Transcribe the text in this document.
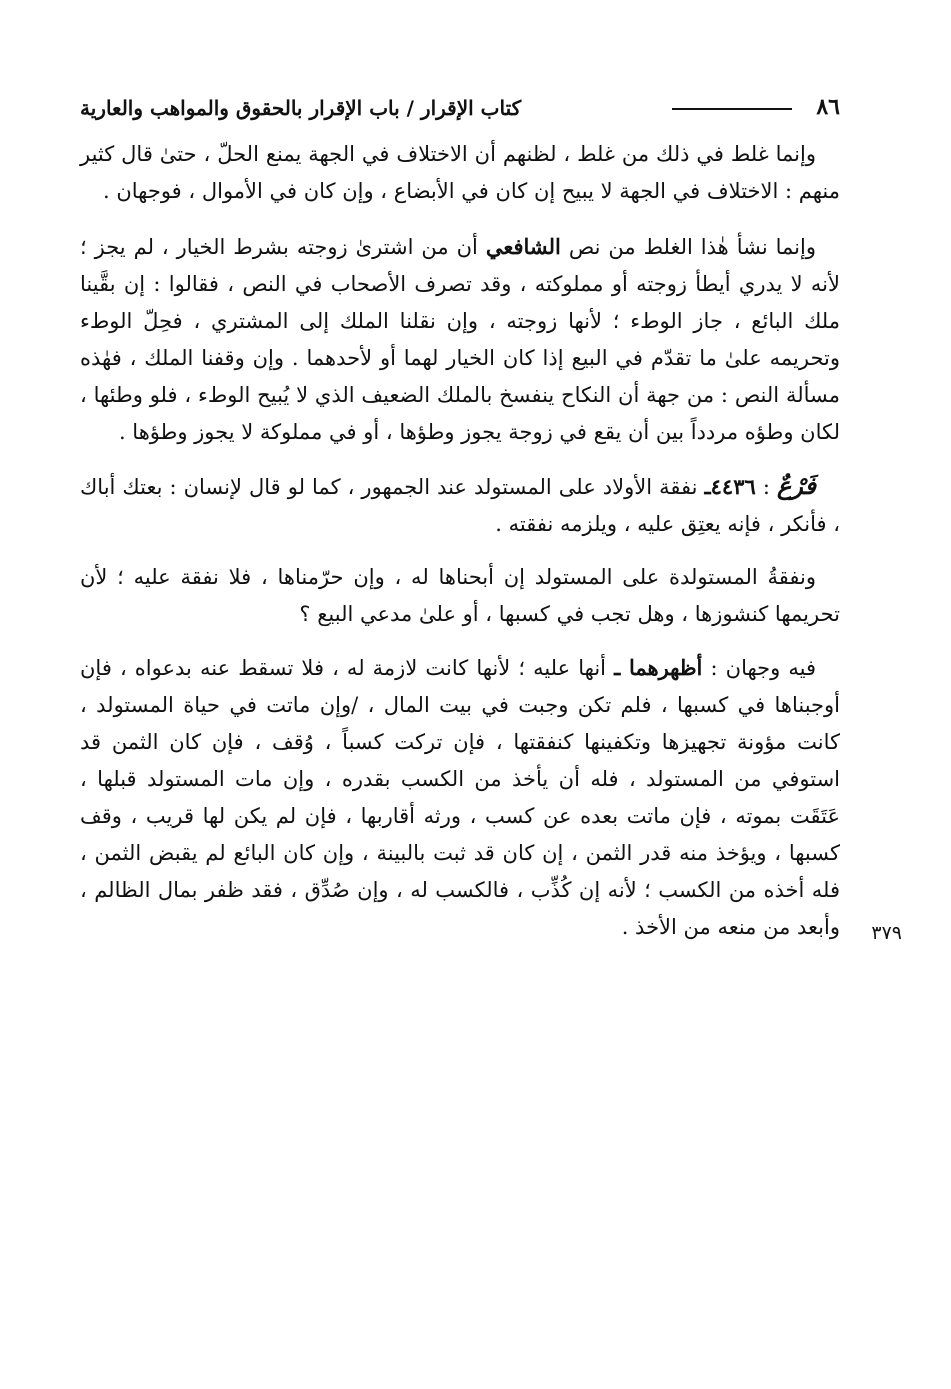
٨٦
كتاب الإقرار / باب الإقرار بالحقوق والمواهب والعارية

وإنما غلط في ذلك من غلط ، لظنهم أن الاختلاف في الجهة يمنع الحلّ ، حتىٰ قال كثير منهم : الاختلاف في الجهة لا يبيح إن كان في الأبضاع ، وإن كان في الأموال ، فوجهان .

وإنما نشأ هٰذا الغلط من نص الشافعي أن من اشترىٰ زوجته بشرط الخيار ، لم يجز ؛ لأنه لا يدري أيطأ زوجته أو مملوكته ، وقد تصرف الأصحاب في النص ، فقالوا : إن بقَّينا ملك البائع ، جاز الوطء ؛ لأنها زوجته ، وإن نقلنا الملك إلى المشتري ، فحِلّ الوطء وتحريمه علىٰ ما تقدّم في البيع إذا كان الخيار لهما أو لأحدهما . وإن وقفنا الملك ، فهٰذه مسألة النص : من جهة أن النكاح ينفسخ بالملك الضعيف الذي لا يُبيح الوطء ، فلو وطئها ، لكان وطؤه مردداً بين أن يقع في زوجة يجوز وطؤها ، أو في مملوكة لا يجوز وطؤها .

فَرْعٌ : ٤٤٣٦ـ نفقة الأولاد على المستولد عند الجمهور ، كما لو قال لإنسان : بعتك أباك ، فأنكر ، فإنه يعتِق عليه ، ويلزمه نفقته .

ونفقةُ المستولدة على المستولد إن أبحناها له ، وإن حرّمناها ، فلا نفقة عليه ؛ لأن تحريمها كنشوزها ، وهل تجب في كسبها ، أو علىٰ مدعي البيع ؟

فيه وجهان : أظهرهما ـ أنها عليه ؛ لأنها كانت لازمة له ، فلا تسقط عنه بدعواه ، فإن أوجبناها في كسبها ، فلم تكن وجبت في بيت المال ، /وإن ماتت في حياة المستولد ، كانت مؤونة تجهيزها وتكفينها كنفقتها ، فإن تركت كسباً ، وُقف ، فإن كان الثمن قد استوفي من المستولد ، فله أن يأخذ من الكسب بقدره ، وإن مات المستولد قبلها ، عَتَقَت بموته ، فإن ماتت بعده عن كسب ، ورثه أقاربها ، فإن لم يكن لها قريب ، وقف كسبها ، ويؤخذ منه قدر الثمن ، إن كان قد ثبت بالبينة ، وإن كان البائع لم يقبض الثمن ، فله أخذه من الكسب ؛ لأنه إن كُذِّب ، فالكسب له ، وإن صُدِّق ، فقد ظفر بمال الظالم ، وأبعد من منعه من الأخذ . ٣٧٩
